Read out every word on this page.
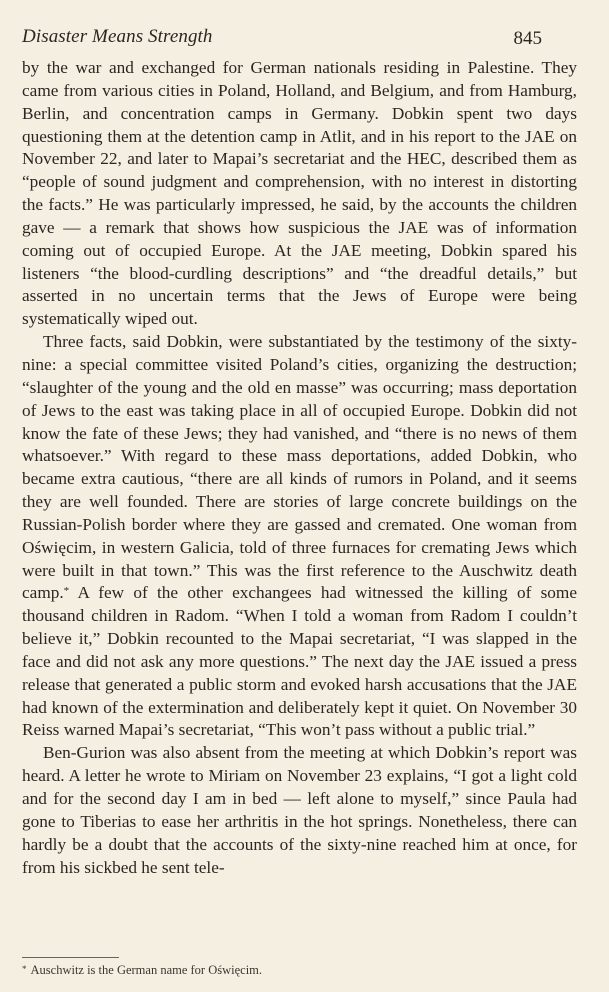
Disaster Means Strength	845

by the war and exchanged for German nationals residing in Palestine. They came from various cities in Poland, Holland, and Belgium, and from Hamburg, Berlin, and concentration camps in Germany. Dobkin spent two days questioning them at the detention camp in Atlit, and in his report to the JAE on November 22, and later to Mapai’s secretariat and the HEC, described them as “people of sound judgment and comprehension, with no interest in distorting the facts.” He was particularly impressed, he said, by the accounts the children gave — a remark that shows how suspicious the JAE was of information coming out of occupied Europe. At the JAE meeting, Dobkin spared his listeners “the blood-curdling descriptions” and “the dreadful details,” but asserted in no uncertain terms that the Jews of Europe were being systematically wiped out.

Three facts, said Dobkin, were substantiated by the testimony of the sixty-nine: a special committee visited Poland’s cities, organizing the destruction; “slaughter of the young and the old en masse” was occurring; mass deportation of Jews to the east was taking place in all of occupied Europe. Dobkin did not know the fate of these Jews; they had vanished, and “there is no news of them whatsoever.” With regard to these mass deportations, added Dobkin, who became extra cautious, “there are all kinds of rumors in Poland, and it seems they are well founded. There are stories of large concrete buildings on the Russian-Polish border where they are gassed and cremated. One woman from Oświęcim, in western Galicia, told of three furnaces for cremating Jews which were built in that town.” This was the first reference to the Auschwitz death camp.* A few of the other exchangees had witnessed the killing of some thousand children in Radom. “When I told a woman from Radom I couldn’t believe it,” Dobkin recounted to the Mapai secretariat, “I was slapped in the face and did not ask any more questions.” The next day the JAE issued a press release that generated a public storm and evoked harsh accusations that the JAE had known of the extermination and deliberately kept it quiet. On November 30 Reiss warned Mapai’s secretariat, “This won’t pass without a public trial.”

Ben-Gurion was also absent from the meeting at which Dobkin’s report was heard. A letter he wrote to Miriam on November 23 explains, “I got a light cold and for the second day I am in bed — left alone to myself,” since Paula had gone to Tiberias to ease her arthritis in the hot springs. Nonetheless, there can hardly be a doubt that the accounts of the sixty-nine reached him at once, for from his sickbed he sent tele-

* Auschwitz is the German name for Oświęcim.
